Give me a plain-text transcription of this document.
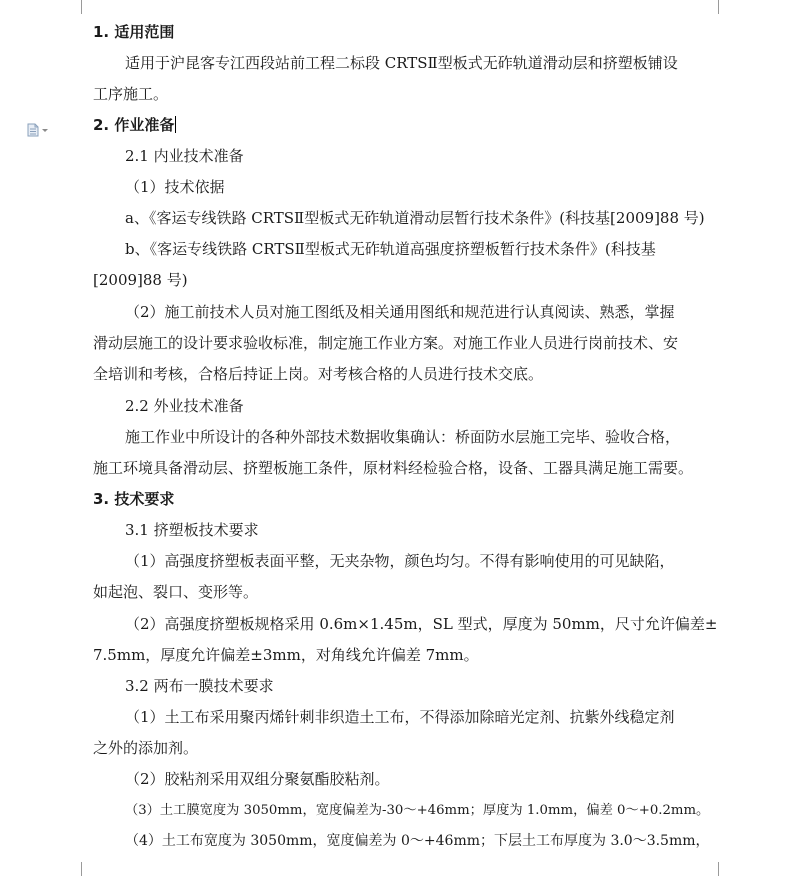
1. 适用范围

适用于沪昆客专江西段站前工程二标段 CRTSⅡ型板式无砟轨道滑动层和挤塑板铺设

工序施工。

2. 作业准备

2.1 内业技术准备

（1）技术依据

a、《客运专线铁路 CRTSⅡ型板式无砟轨道滑动层暂行技术条件》(科技基[2009]88 号)

b、《客运专线铁路 CRTSⅡ型板式无砟轨道高强度挤塑板暂行技术条件》(科技基

[2009]88 号)

（2）施工前技术人员对施工图纸及相关通用图纸和规范进行认真阅读、熟悉，掌握

滑动层施工的设计要求验收标准，制定施工作业方案。对施工作业人员进行岗前技术、安

全培训和考核，合格后持证上岗。对考核合格的人员进行技术交底。

2.2 外业技术准备

施工作业中所设计的各种外部技术数据收集确认：桥面防水层施工完毕、验收合格，

施工环境具备滑动层、挤塑板施工条件，原材料经检验合格，设备、工器具满足施工需要。

3. 技术要求

3.1 挤塑板技术要求

（1）高强度挤塑板表面平整，无夹杂物，颜色均匀。不得有影响使用的可见缺陷，

如起泡、裂口、变形等。

（2）高强度挤塑板规格采用 0.6m×1.45m，SL 型式，厚度为 50mm，尺寸允许偏差±

7.5mm，厚度允许偏差±3mm，对角线允许偏差 7mm。

3.2 两布一膜技术要求

（1）土工布采用聚丙烯针刺非织造土工布，不得添加除暗光定剂、抗紫外线稳定剂

之外的添加剂。

（2）胶粘剂采用双组分聚氨酯胶粘剂。

（3）土工膜宽度为 3050mm，宽度偏差为-30～+46mm；厚度为 1.0mm，偏差 0～+0.2mm。

（4）土工布宽度为 3050mm，宽度偏差为 0～+46mm；下层土工布厚度为 3.0～3.5mm，
